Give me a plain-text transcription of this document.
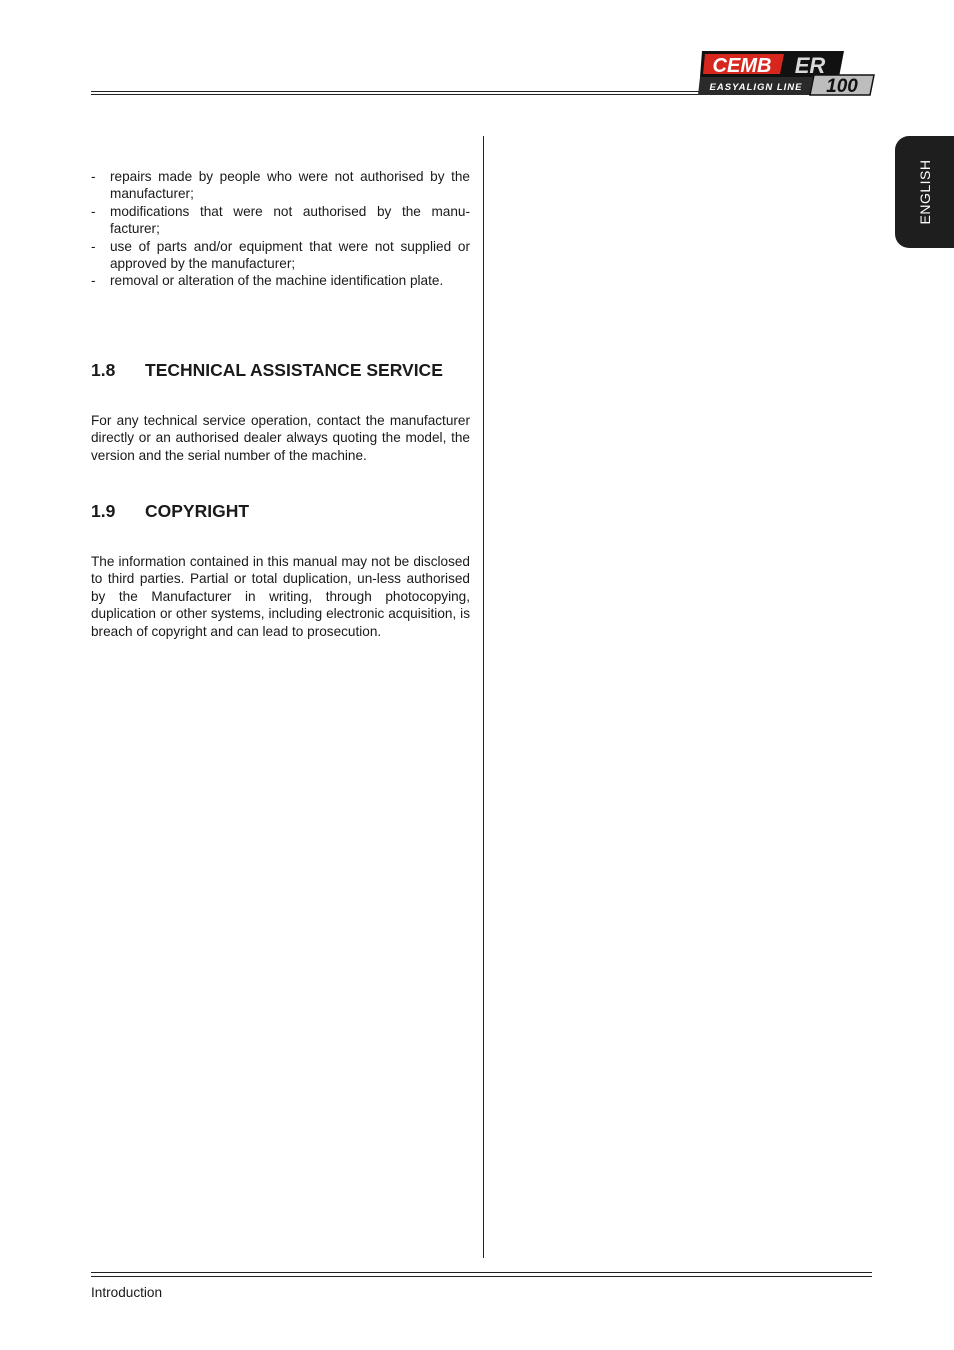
CEMB ER
EASYALIGN LINE 100
ENGLISH
- repairs made by people who were not authorised by the manufacturer;
- modifications that were not authorised by the manu-facturer;
- use of parts and/or equipment that were not supplied or approved by the manufacturer;
- removal or alteration of the machine identification plate.
1.8 TECHNICAL ASSISTANCE SERVICE

For any technical service operation, contact the manufacturer directly or an authorised dealer always quoting the model, the version and the serial number of the machine.

1.9 COPYRIGHT

The information contained in this manual may not be disclosed to third parties. Partial or total duplication, un-less authorised by the Manufacturer in writing, through photocopying, duplication or other systems, including electronic acquisition, is breach of copyright and can lead to prosecution.

Introduction
